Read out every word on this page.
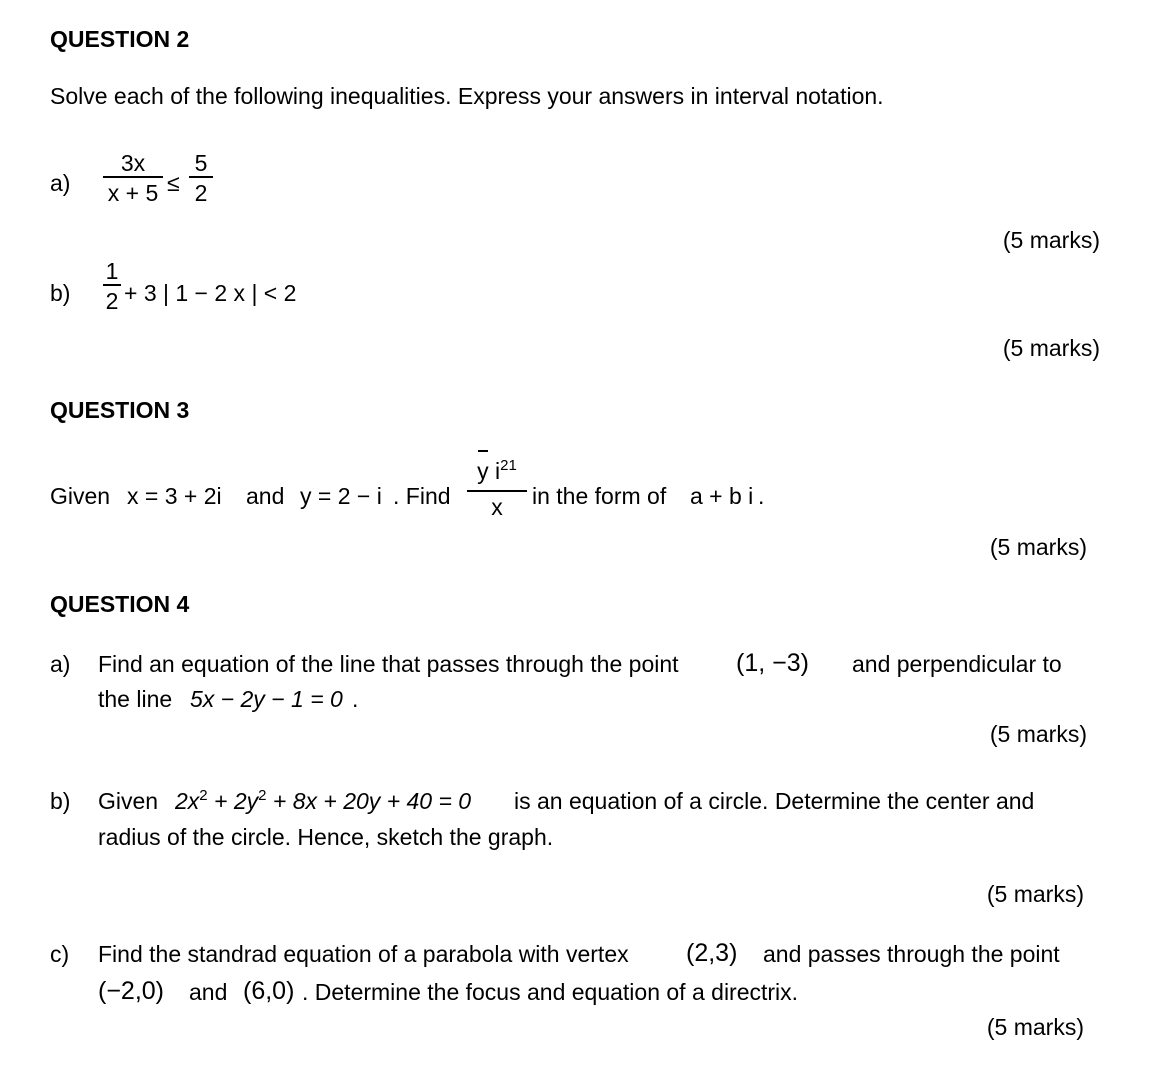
QUESTION 2
Solve each of the following inequalities. Express your answers in interval notation.
a)
3x
x + 5 ≤
5
2
(5 marks)
b)
1
2 + 3 | 1 − 2 x | < 2
(5 marks)
QUESTION 3
Given x = 3 + 2i and y = 2 − i . Find
y $i^{21}$
x	in the form of a + b i .
(5 marks)
QUESTION 4
a) Find an equation of the line that passes through the point (1, −3) and perpendicular to
the line 5x − 2y − 1 = 0 .
(5 marks)
b) Given $2x^2 + 2y^2 + 8x + 20y + 40 = 0$ is an equation of a circle. Determine the center and
radius of the circle. Hence, sketch the graph.
(5 marks)
c) Find the standrad equation of a parabola with vertex (2,3) and passes through the point
(−2,0) and (6,0) . Determine the focus and equation of a directrix.
(5 marks)
